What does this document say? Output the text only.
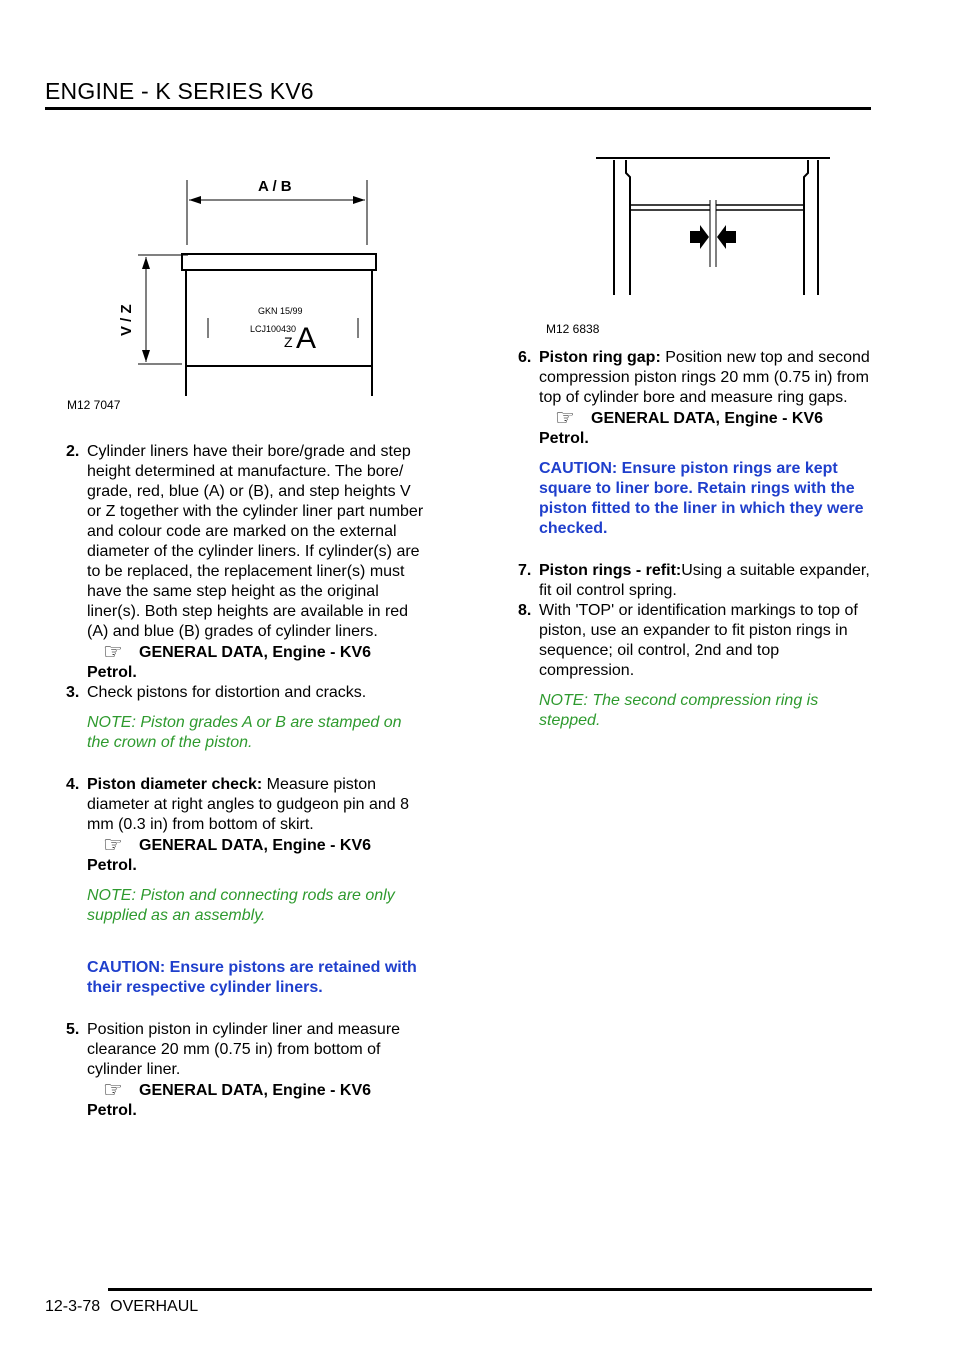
ENGINE - K SERIES KV6
A / B
V / Z	GKN 15/99
LCJ100430
Z A
M12 7047
M12 6838

2. Cylinder liners have their bore/grade and step height determined at manufacture. The bore/ grade, red, blue (A) or (B), and step heights V or Z together with the cylinder liner part number and colour code are marked on the external diameter of the cylinder liners. If cylinder(s) are to be replaced, the replacement liner(s) must have the same step height as the original liner(s). Both step heights are available in red (A) and blue (B) grades of cylinder liners.

☞ GENERAL DATA, Engine - KV6

Petrol.

3. Check pistons for distortion and cracks.

NOTE: Piston grades A or B are stamped on the crown of the piston.

4. Piston diameter check: Measure piston diameter at right angles to gudgeon pin and 8 mm (0.3 in) from bottom of skirt.

☞ GENERAL DATA, Engine - KV6

Petrol.

NOTE: Piston and connecting rods are only supplied as an assembly.

CAUTION: Ensure pistons are retained with their respective cylinder liners.

5. Position piston in cylinder liner and measure clearance 20 mm (0.75 in) from bottom of cylinder liner.

☞ GENERAL DATA, Engine - KV6

Petrol.

6. Piston ring gap: Position new top and second compression piston rings 20 mm (0.75 in) from top of cylinder bore and measure ring gaps.

☞ GENERAL DATA, Engine - KV6

Petrol.

CAUTION: Ensure piston rings are kept square to liner bore. Retain rings with the piston fitted to the liner in which they were checked.

7. Piston rings - refit:Using a suitable expander, fit oil control spring.

8. With 'TOP' or identification markings to top of piston, use an expander to fit piston rings in sequence; oil control, 2nd and top compression.

NOTE: The second compression ring is stepped.

12-3-78 OVERHAUL
